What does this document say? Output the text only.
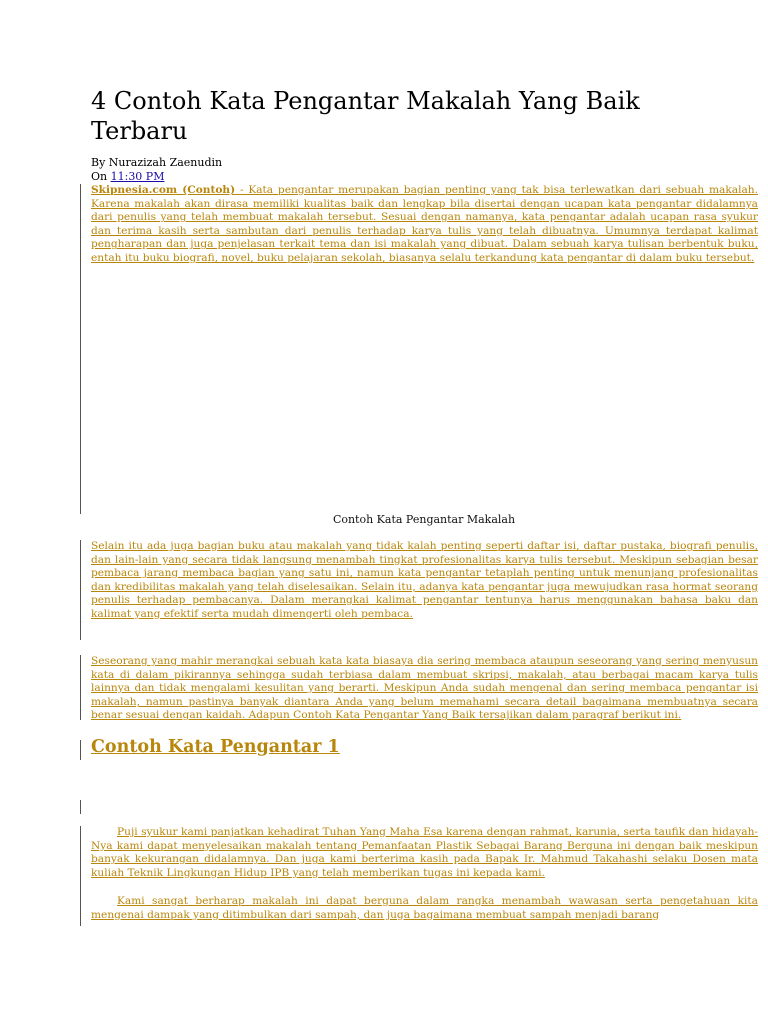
4 Contoh Kata Pengantar Makalah Yang Baik Terbaru
By Nurazizah Zaenudin
On 11:30 PM

Skipnesia.com (Contoh) - Kata pengantar merupakan bagian penting yang tak bisa terlewatkan dari sebuah makalah. Karena makalah akan dirasa memiliki kualitas baik dan lengkap bila disertai dengan ucapan kata pengantar didalamnya dari penulis yang telah membuat makalah tersebut. Sesuai dengan namanya, kata pengantar adalah ucapan rasa syukur dan terima kasih serta sambutan dari penulis terhadap karya tulis yang telah dibuatnya. Umumnya terdapat kalimat pengharapan dan juga penjelasan terkait tema dan isi makalah yang dibuat. Dalam sebuah karya tulisan berbentuk buku, entah itu buku biografi, novel, buku pelajaran sekolah, biasanya selalu terkandung kata pengantar di dalam buku tersebut.

Contoh Kata Pengantar Makalah

Selain itu ada juga bagian buku atau makalah yang tidak kalah penting seperti daftar isi, daftar pustaka, biografi penulis, dan lain-lain yang secara tidak langsung menambah tingkat profesionalitas karya tulis tersebut. Meskipun sebagian besar pembaca jarang membaca bagian yang satu ini, namun kata pengantar tetaplah penting untuk menunjang profesionalitas dan kredibilitas makalah yang telah diselesaikan. Selain itu, adanya kata pengantar juga mewujudkan rasa hormat seorang penulis terhadap pembacanya. Dalam merangkai kalimat pengantar tentunya harus menggunakan bahasa baku dan kalimat yang efektif serta mudah dimengerti oleh pembaca.

Seseorang yang mahir merangkai sebuah kata kata biasaya dia sering membaca ataupun seseorang yang sering menyusun kata di dalam pikirannya sehingga sudah terbiasa dalam membuat skripsi, makalah, atau berbagai macam karya tulis lainnya dan tidak mengalami kesulitan yang berarti. Meskipun Anda sudah mengenal dan sering membaca pengantar isi makalah, namun pastinya banyak diantara Anda yang belum memahami secara detail bagaimana membuatnya secara benar sesuai dengan kaidah. Adapun Contoh Kata Pengantar Yang Baik tersajikan dalam paragraf berikut ini.

Contoh Kata Pengantar 1

Puji syukur kami panjatkan kehadirat Tuhan Yang Maha Esa karena dengan rahmat, karunia, serta taufik dan hidayah-Nya kami dapat menyelesaikan makalah tentang Pemanfaatan Plastik Sebagai Barang Berguna ini dengan baik meskipun banyak kekurangan didalamnya. Dan juga kami berterima kasih pada Bapak Ir. Mahmud Takahashi selaku Dosen mata kuliah Teknik Lingkungan Hidup IPB yang telah memberikan tugas ini kepada kami.

Kami sangat berharap makalah ini dapat berguna dalam rangka menambah wawasan serta pengetahuan kita mengenai dampak yang ditimbulkan dari sampah, dan juga bagaimana membuat sampah menjadi barang
